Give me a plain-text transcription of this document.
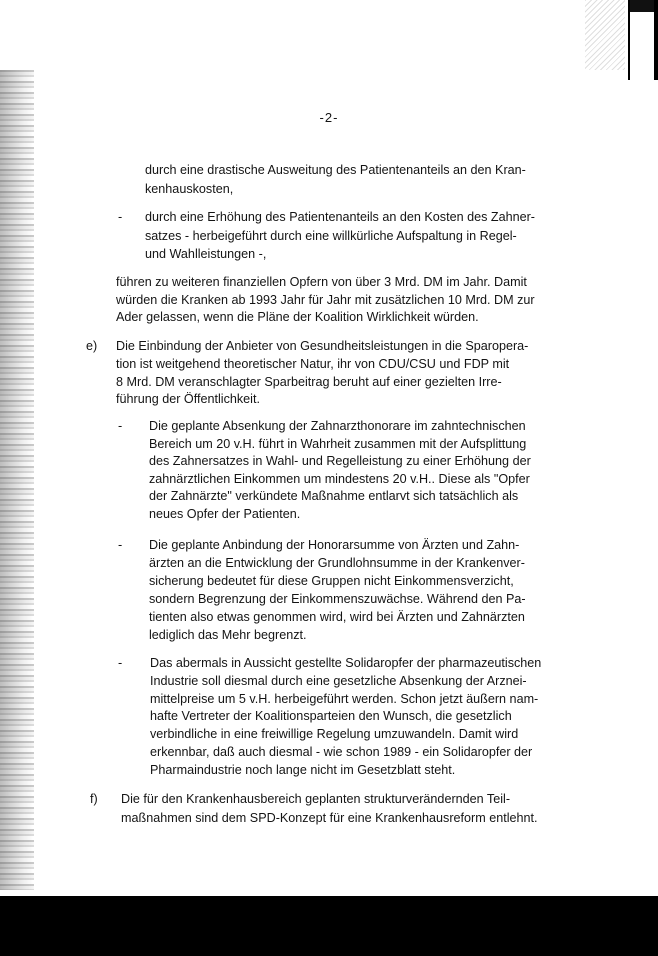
-2-
durch eine drastische Ausweitung des Patientenanteils an den Kran-
kenhauskosten,
- durch eine Erhöhung des Patientenanteils an den Kosten des Zahner-
satzes - herbeigeführt durch eine willkürliche Aufspaltung in Regel-
und Wahlleistungen -,
führen zu weiteren finanziellen Opfern von über 3 Mrd. DM im Jahr. Damit
würden die Kranken ab 1993 Jahr für Jahr mit zusätzlichen 10 Mrd. DM zur
Ader gelassen, wenn die Pläne der Koalition Wirklichkeit würden.
e) Die Einbindung der Anbieter von Gesundheitsleistungen in die Sparopera-
tion ist weitgehend theoretischer Natur, ihr von CDU/CSU und FDP mit
8 Mrd. DM veranschlagter Sparbeitrag beruht auf einer gezielten Irre-
führung der Öffentlichkeit.
- Die geplante Absenkung der Zahnarzthonorare im zahntechnischen
Bereich um 20 v.H. führt in Wahrheit zusammen mit der Aufsplittung
des Zahnersatzes in Wahl- und Regelleistung zu einer Erhöhung der
zahnärztlichen Einkommen um mindestens 20 v.H.. Diese als "Opfer
der Zahnärzte" verkündete Maßnahme entlarvt sich tatsächlich als
neues Opfer der Patienten.
- Die geplante Anbindung der Honorarsumme von Ärzten und Zahn-
ärzten an die Entwicklung der Grundlohnsumme in der Krankenver-
sicherung bedeutet für diese Gruppen nicht Einkommensverzicht,
sondern Begrenzung der Einkommenszuwächse. Während den Pa-
tienten also etwas genommen wird, wird bei Ärzten und Zahnärzten
lediglich das Mehr begrenzt.
- Das abermals in Aussicht gestellte Solidaropfer der pharmazeutischen
Industrie soll diesmal durch eine gesetzliche Absenkung der Arznei-
mittelpreise um 5 v.H. herbeigeführt werden. Schon jetzt äußern nam-
hafte Vertreter der Koalitionsparteien den Wunsch, die gesetzlich
verbindliche in eine freiwillige Regelung umzuwandeln. Damit wird
erkennbar, daß auch diesmal - wie schon 1989 - ein Solidaropfer der
Pharmaindustrie noch lange nicht im Gesetzblatt steht.
f) Die für den Krankenhausbereich geplanten strukturverändernden Teil-
maßnahmen sind dem SPD-Konzept für eine Krankenhausreform entlehnt.
